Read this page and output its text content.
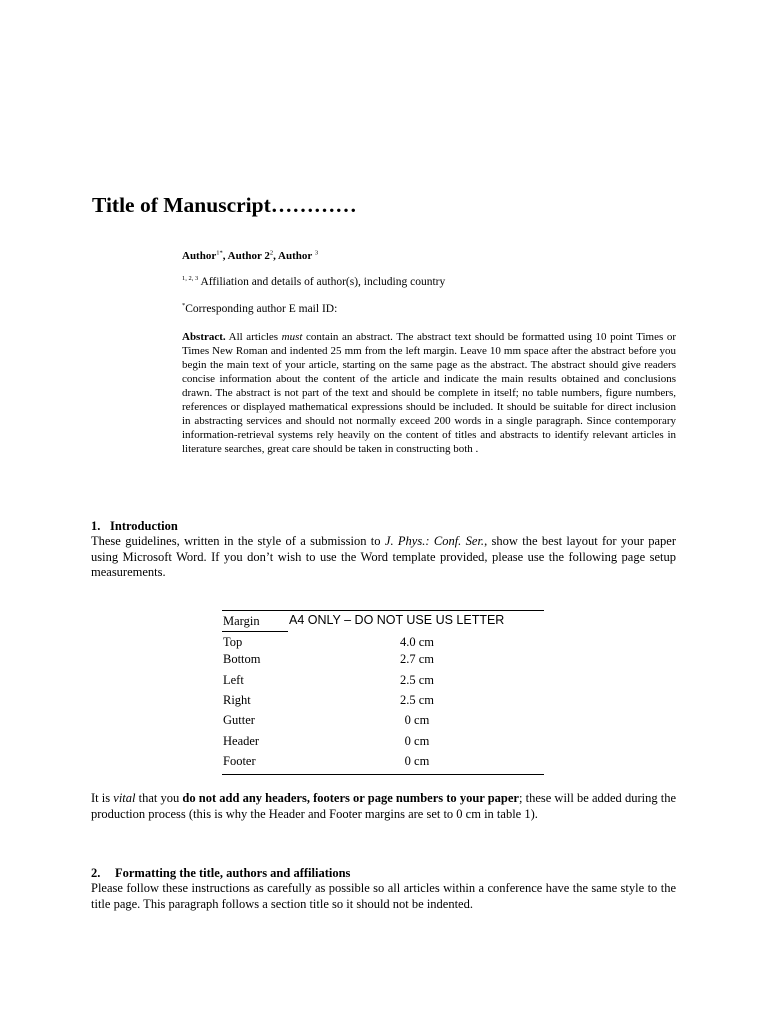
Title of Manuscript…………
Author$^{1*}$, Author $2^2$, Author $^3$
$^{1, 2, 3}$ Affiliation and details of author(s), including country
*Corresponding author E mail ID:

Abstract. All articles must contain an abstract. The abstract text should be formatted using 10 point Times or Times New Roman and indented 25 mm from the left margin. Leave 10 mm space after the abstract before you begin the main text of your article, starting on the same page as the abstract. The abstract should give readers concise information about the content of the article and indicate the main results obtained and conclusions drawn. The abstract is not part of the text and should be complete in itself; no table numbers, figure numbers, references or displayed mathematical expressions should be included. It should be suitable for direct inclusion in abstracting services and should not normally exceed 200 words in a single paragraph. Since contemporary information-retrieval systems rely heavily on the content of titles and abstracts to identify relevant articles in literature searches, great care should be taken in constructing both .

1. Introduction

These guidelines, written in the style of a submission to J. Phys.: Conf. Ser., show the best layout for your paper using Microsoft Word. If you don’t wish to use the Word template provided, please use the following page setup measurements.

Margin A4 ONLY – DO NOT USE US LETTER
Top	4.0 cm
Bottom	2.7 cm
Left	2.5 cm
Right	2.5 cm
Gutter	0 cm
Header	0 cm
Footer	0 cm

It is vital that you do not add any headers, footers or page numbers to your paper; these will be added during the production process (this is why the Header and Footer margins are set to 0 cm in table 1).

2. Formatting the title, authors and affiliations

Please follow these instructions as carefully as possible so all articles within a conference have the same style to the title page. This paragraph follows a section title so it should not be indented.
